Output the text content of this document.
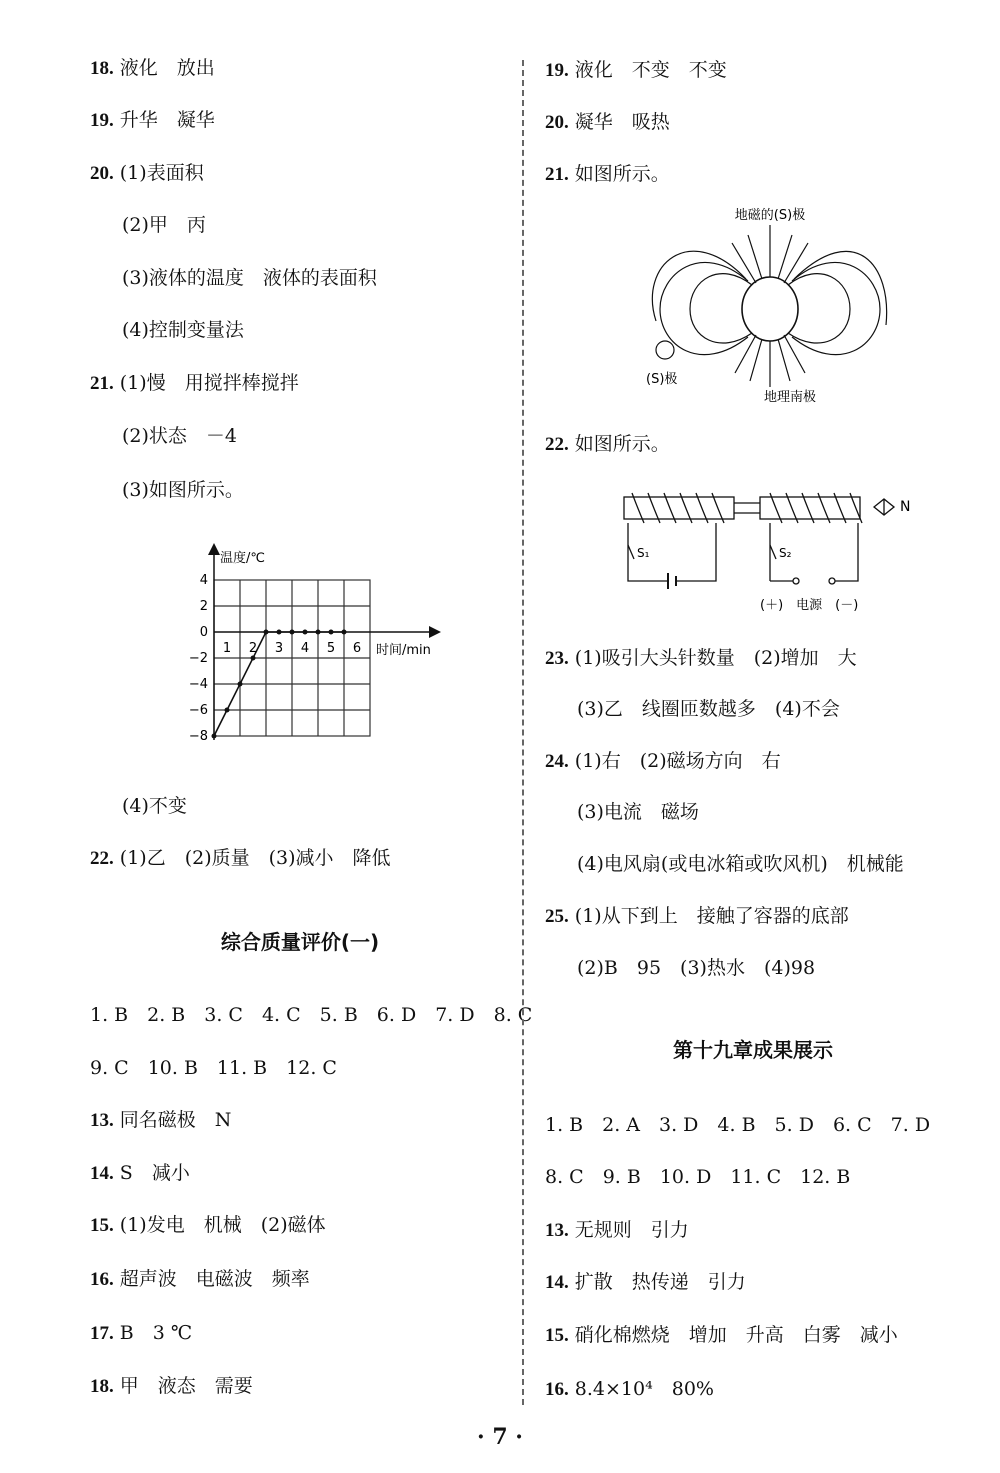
18. 液化　放出
19. 升华　凝华
20. (1)表面积
(2)甲　丙
(3)液体的温度　液体的表面积
(4)控制变量法
21. (1)慢　用搅拌棒搅拌
(2)状态　－4
(3)如图所示。
温度/℃
时间/min
4
2
0
−2
−4
−6
−8
1 2 3 4 5 6
(4)不变
22. (1)乙　(2)质量　(3)减小　降低
综合质量评价(一)
1. B　2. B　3. C　4. C　5. B　6. D　7. D　8. C
9. C　10. B　11. B　12. C
13. 同名磁极　N
14. S　减小
15. (1)发电　机械　(2)磁体
16. 超声波　电磁波　频率
17. B　3 ℃
18. 甲　液态　需要
19. 液化　不变　不变
20. 凝华　吸热
21. 如图所示。
地磁的(S)极
(S)极
地理南极
22. 如图所示。
S₁	S₂
N
(＋)　电源　(－)
23. (1)吸引大头针数量　(2)增加　大
(3)乙　线圈匝数越多　(4)不会
24. (1)右　(2)磁场方向　右
(3)电流　磁场
(4)电风扇(或电冰箱或吹风机)　机械能
25. (1)从下到上　接触了容器的底部
(2)B　95　(3)热水　(4)98
第十九章成果展示
1. B　2. A　3. D　4. B　5. D　6. C　7. D
8. C　9. B　10. D　11. C　12. B
13. 无规则　引力
14. 扩散　热传递　引力
15. 硝化棉燃烧　增加　升高　白雾　减小
16. 8.4×10⁴　80%
· 7 ·
